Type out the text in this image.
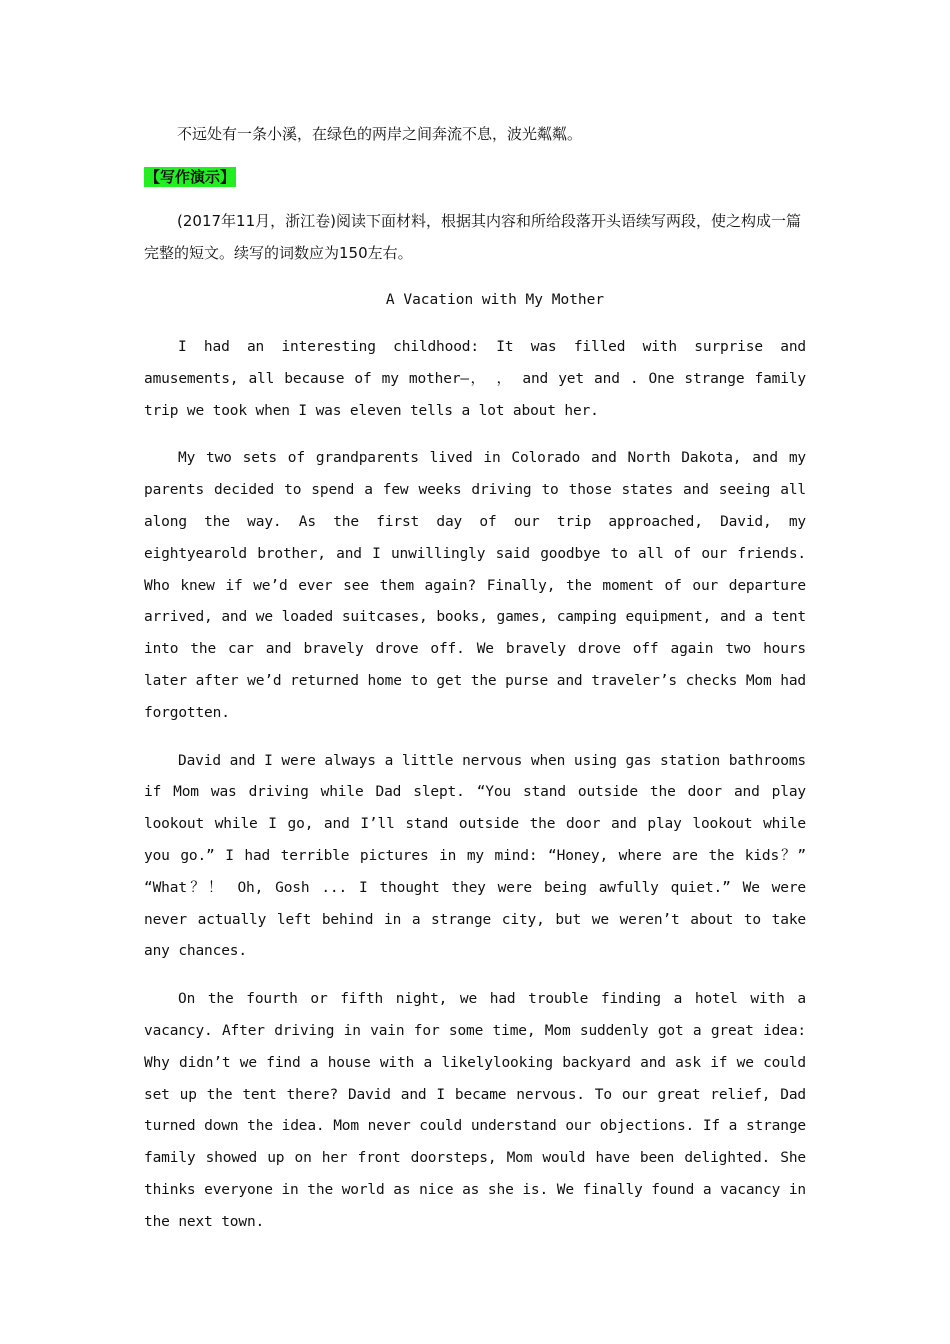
不远处有一条小溪，在绿色的两岸之间奔流不息，波光粼粼。

【写作演示】

(2017年11月，浙江卷)阅读下面材料，根据其内容和所给段落开头语续写两段，使之构成一篇完整的短文。续写的词数应为150左右。

A Vacation with My Mother

I had an interesting childhood: It was filled with surprise and amusements, all because of my mother—， ， and yet and . One strange family trip we took when I was eleven tells a lot about her.

My two sets of grandparents lived in Colorado and North Dakota, and my parents decided to spend a few weeks driving to those states and seeing all along the way. As the first day of our trip approached, David, my eightyearold brother, and I unwillingly said goodbye to all of our friends. Who knew if we’d ever see them again? Finally, the moment of our departure arrived, and we loaded suitcases, books, games, camping equipment, and a tent into the car and bravely drove off. We bravely drove off again two hours later after we’d returned home to get the purse and traveler’s checks Mom had forgotten.

David and I were always a little nervous when using gas station bathrooms if Mom was driving while Dad slept. “You stand outside the door and play lookout while I go, and I’ll stand outside the door and play lookout while you go.” I had terrible pictures in my mind: “Honey, where are the kids？” “What？！ Oh, Gosh ... I thought they were being awfully quiet.” We were never actually left behind in a strange city, but we weren’t about to take any chances.

On the fourth or fifth night, we had trouble finding a hotel with a vacancy. After driving in vain for some time, Mom suddenly got a great idea: Why didn’t we find a house with a likelylooking backyard and ask if we could set up the tent there? David and I became nervous. To our great relief, Dad turned down the idea. Mom never could understand our objections. If a strange family showed up on her front doorsteps, Mom would have been delighted. She thinks everyone in the world as nice as she is. We finally found a vacancy in the next town.
